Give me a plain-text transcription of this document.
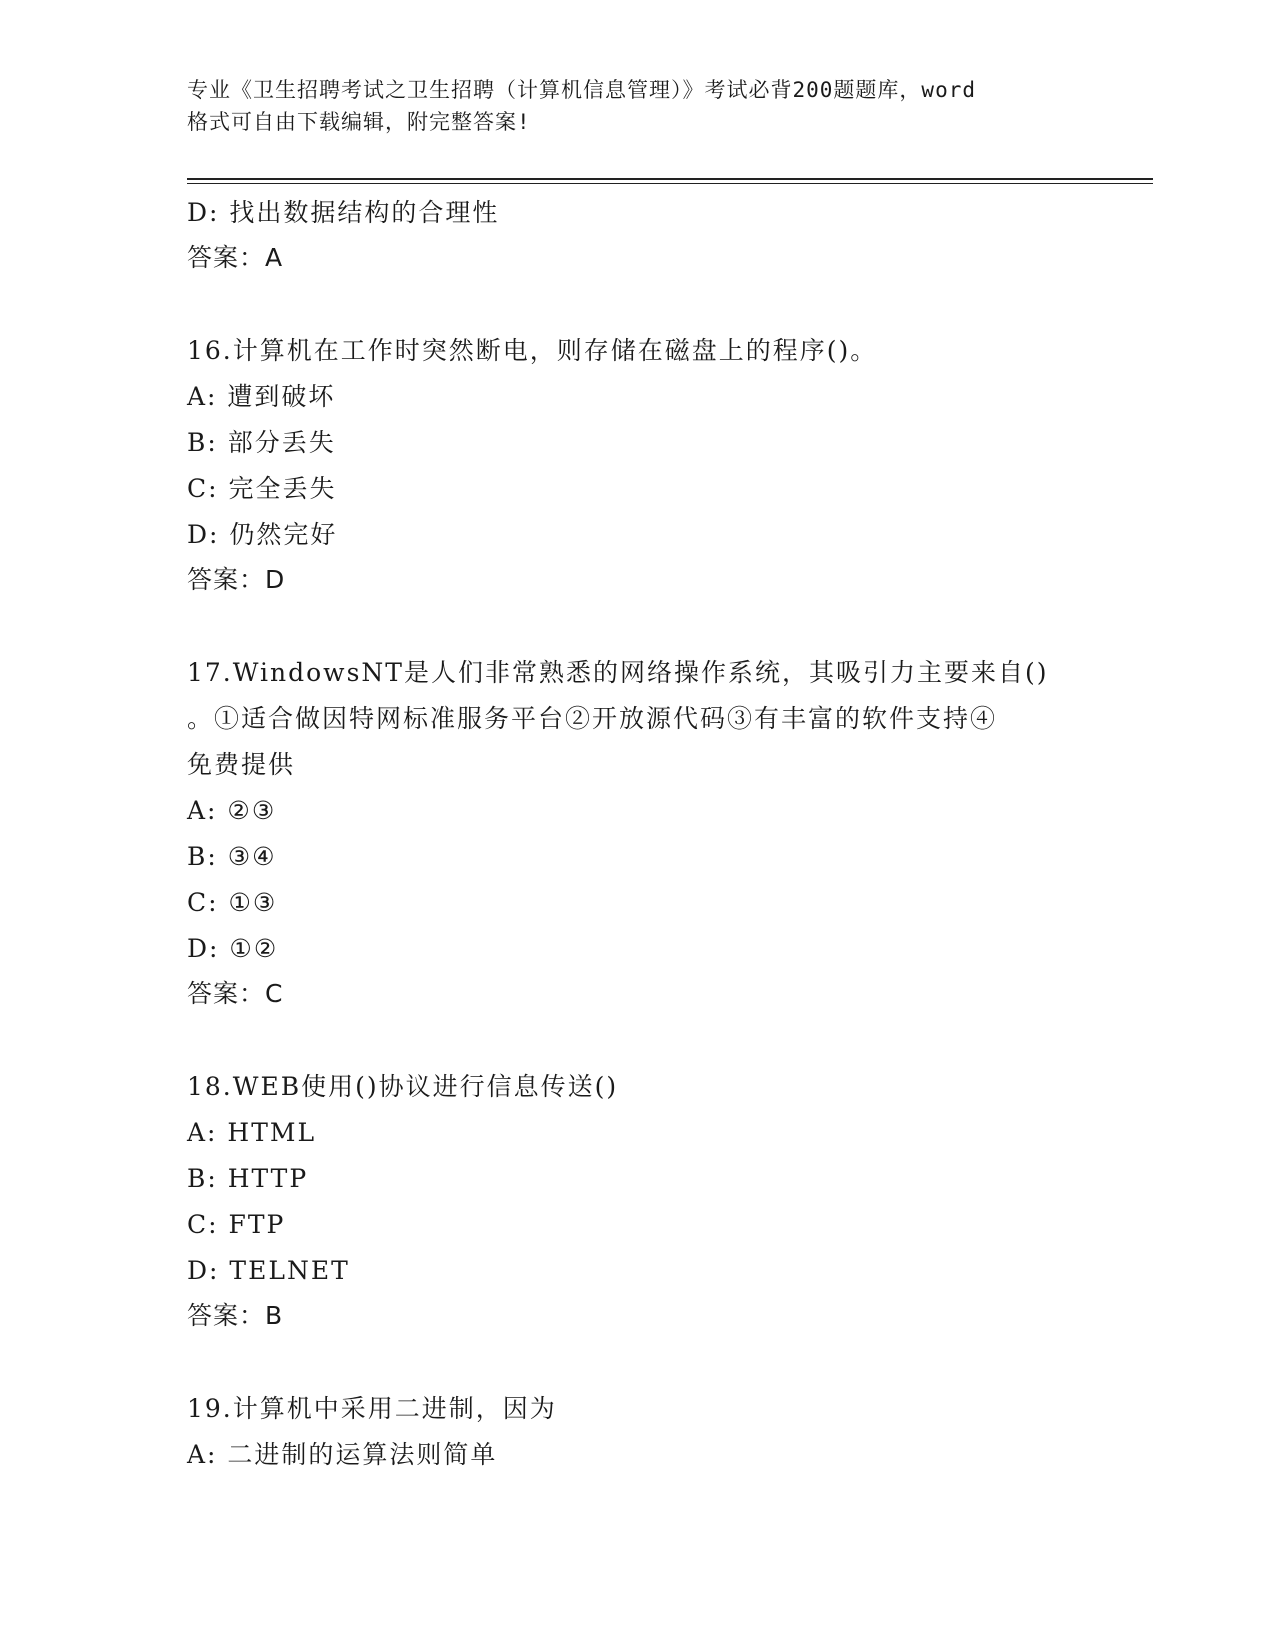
专业《卫生招聘考试之卫生招聘（计算机信息管理）》考试必背200题题库，word
格式可自由下载编辑，附完整答案!
D: 找出数据结构的合理性
答案：A
16.计算机在工作时突然断电，则存储在磁盘上的程序()。
A: 遭到破坏
B: 部分丢失
C: 完全丢失
D: 仍然完好
答案：D
17.WindowsNT是人们非常熟悉的网络操作系统，其吸引力主要来自()
。①适合做因特网标准服务平台②开放源代码③有丰富的软件支持④
免费提供
A: ②③
B: ③④
C: ①③
D: ①②
答案：C
18.WEB使用()协议进行信息传送()
A: HTML
B: HTTP
C: FTP
D: TELNET
答案：B
19.计算机中采用二进制，因为
A: 二进制的运算法则简单
